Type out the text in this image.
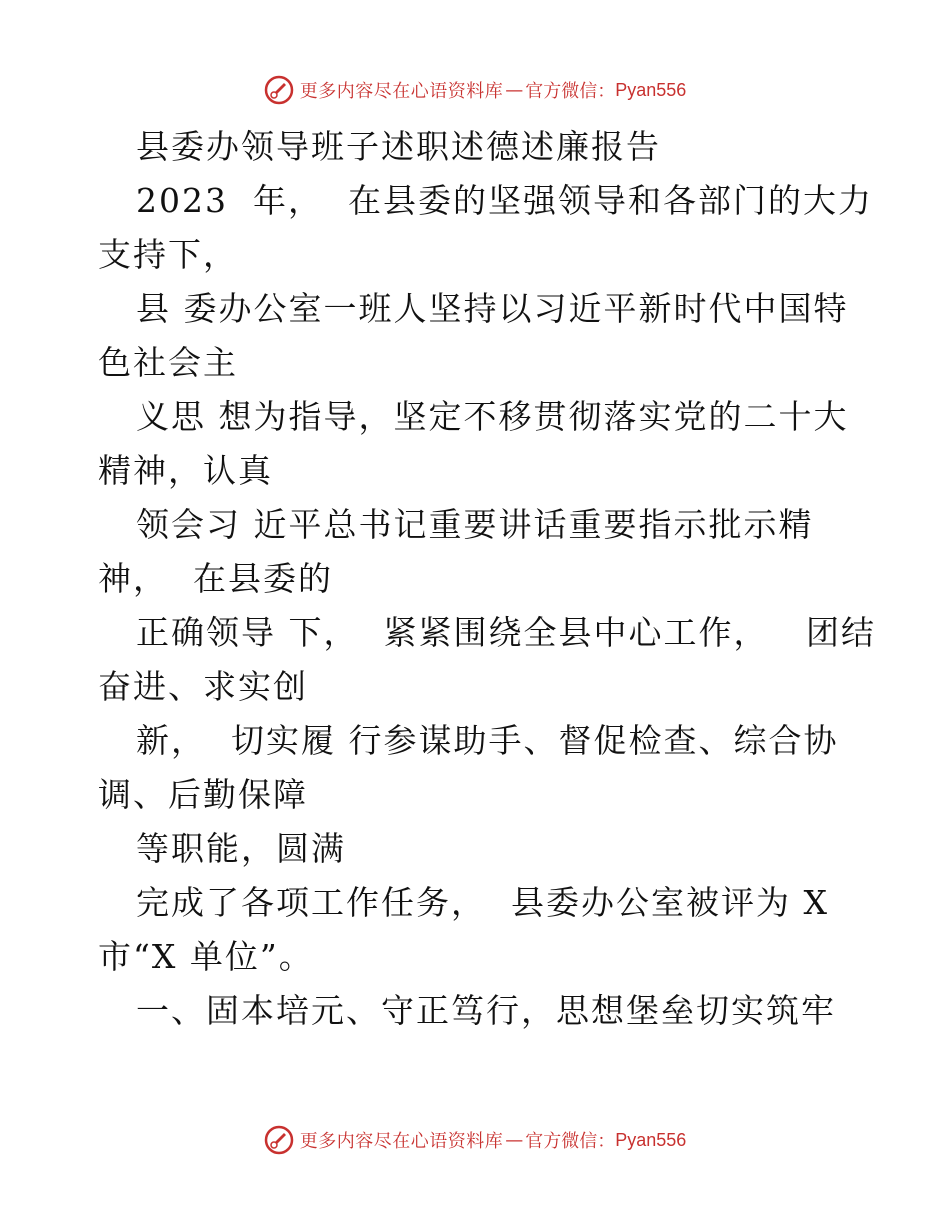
更多内容尽在心语资料库 — 官方微信： Pyan556

县委办领导班子述职述德述廉报告

2023  年，  在县委的坚强领导和各部门的大力

支持下，

县 委办公室一班人坚持以习近平新时代中国特

色社会主

义思 想为指导，坚定不移贯彻落实党的二十大

精神，认真

领会习 近平总书记重要讲话重要指示批示精

神，  在县委的

正确领导 下，  紧紧围绕全县中心工作，   团结

奋进、求实创

新，  切实履 行参谋助手、督促检查、综合协

调、后勤保障

等职能，圆满

完成了各项工作任务，  县委办公室被评为 X

市“X 单位”。

一、固本培元、守正笃行，思想堡垒切实筑牢

更多内容尽在心语资料库 — 官方微信： Pyan556
